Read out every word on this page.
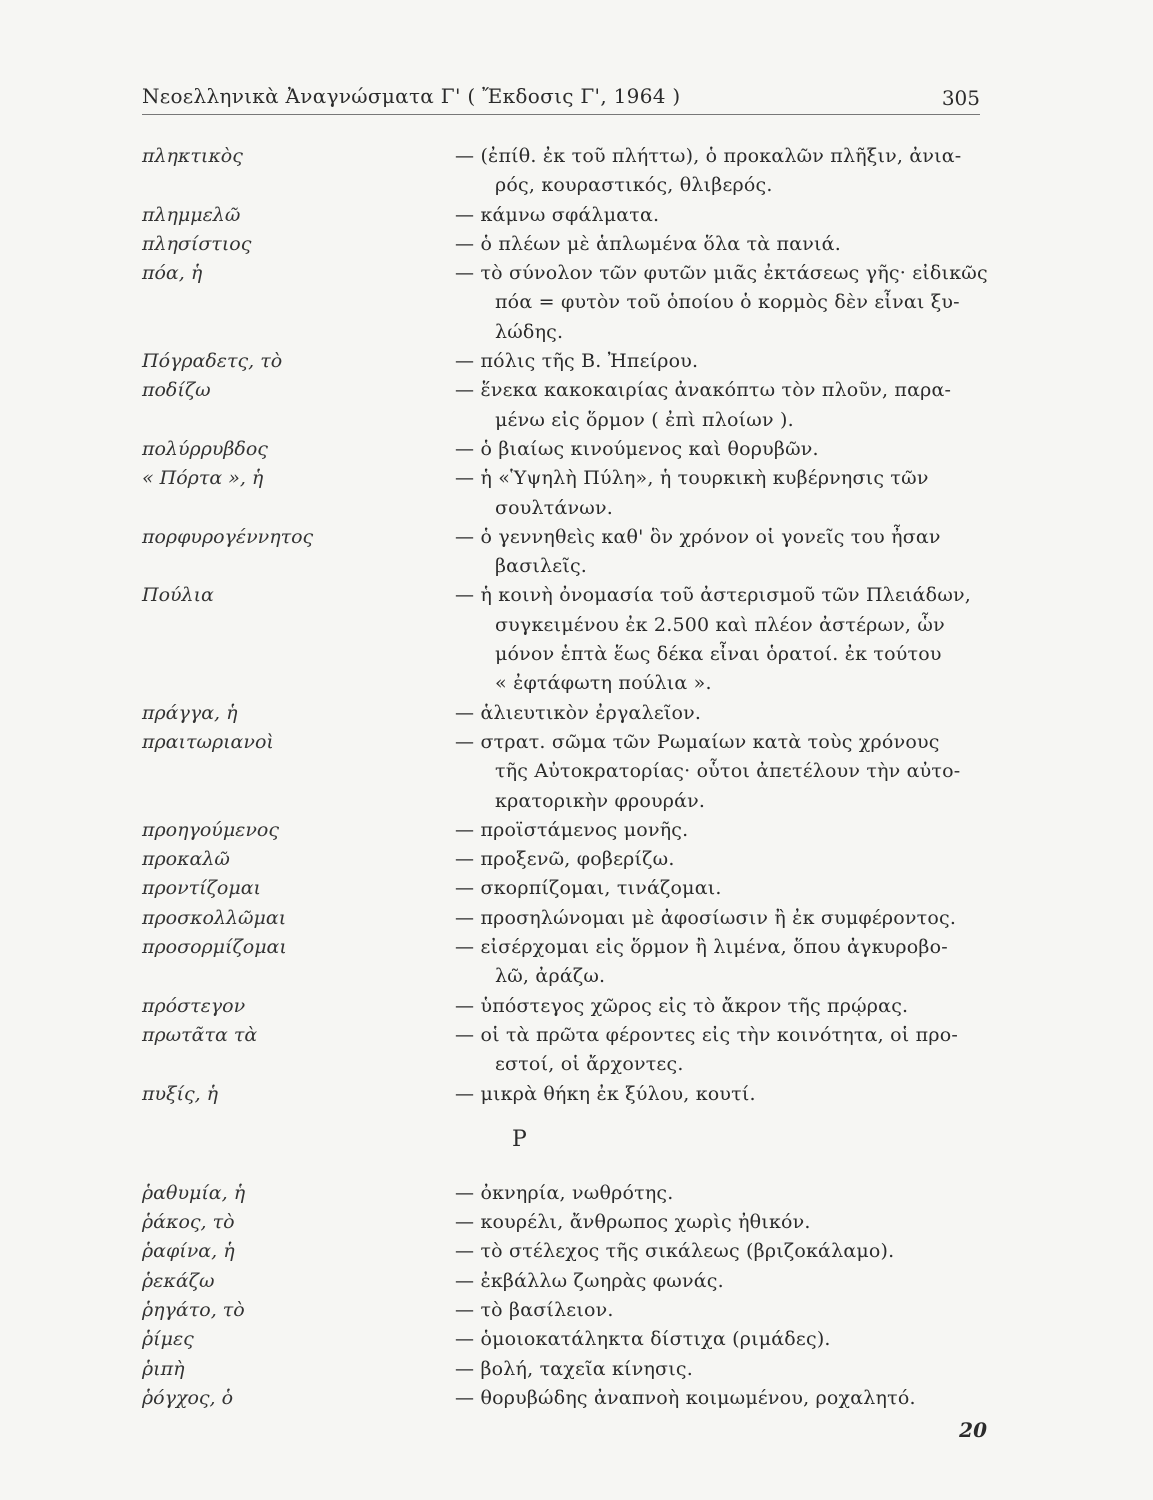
Νεοελληνικὰ Ἀναγνώσματα Γ' ( Ἔκδοσις Γ', 1964 )	305
πληκτικὸς	— (ἐπίθ. ἐκ τοῦ πλήττω), ὁ προκαλῶν πλῆξιν, ἀνια-
ρός, κουραστικός, θλιβερός.
πλημμελῶ	— κάμνω σφάλματα.
πλησίστιος	— ὁ πλέων μὲ ἁπλωμένα ὅλα τὰ πανιά.
πόα, ἡ	— τὸ σύνολον τῶν φυτῶν μιᾶς ἐκτάσεως γῆς· εἰδικῶς
πόα = φυτὸν τοῦ ὁποίου ὁ κορμὸς δὲν εἶναι ξυ-
λώδης.
Πόγραδετς, τὸ	— πόλις τῆς Β. Ἠπείρου.
ποδίζω	— ἕνεκα κακοκαιρίας ἀνακόπτω τὸν πλοῦν, παρα-
μένω εἰς ὅρμον ( ἐπὶ πλοίων ).
πολύρρυβδος	— ὁ βιαίως κινούμενος καὶ θορυβῶν.
« Πόρτα », ἡ	— ἡ «Ὑψηλὴ Πύλη», ἡ τουρκικὴ κυβέρνησις τῶν
σουλτάνων.
πορφυρογέννητος	— ὁ γεννηθεὶς καθ' ὃν χρόνον οἱ γονεῖς του ἦσαν
βασιλεῖς.
Πούλια	— ἡ κοινὴ ὀνομασία τοῦ ἀστερισμοῦ τῶν Πλειάδων,
συγκειμένου ἐκ 2.500 καὶ πλέον ἀστέρων, ὧν
μόνον ἑπτὰ ἕως δέκα εἶναι ὁρατοί. ἐκ τούτου
« ἐφτάφωτη πούλια ».
πράγγα, ἡ	— ἁλιευτικὸν ἐργαλεῖον.
πραιτωριανοὶ	— στρατ. σῶμα τῶν Ρωμαίων κατὰ τοὺς χρόνους
τῆς Αὐτοκρατορίας· οὗτοι ἀπετέλουν τὴν αὐτο-
κρατορικὴν φρουράν.
προηγούμενος	— προϊστάμενος μονῆς.
προκαλῶ	— προξενῶ, φοβερίζω.
προντίζομαι	— σκορπίζομαι, τινάζομαι.
προσκολλῶμαι	— προσηλώνομαι μὲ ἀφοσίωσιν ἢ ἐκ συμφέροντος.
προσορμίζομαι	— εἰσέρχομαι εἰς ὅρμον ἢ λιμένα, ὅπου ἀγκυροβο-
λῶ, ἀράζω.
πρόστεγον	— ὑπόστεγος χῶρος εἰς τὸ ἄκρον τῆς πρῴρας.
πρωτᾶτα τὰ	— οἱ τὰ πρῶτα φέροντες εἰς τὴν κοινότητα, οἱ προ-
εστοί, οἱ ἄρχοντες.
πυξίς, ἡ	— μικρὰ θήκη ἐκ ξύλου, κουτί.
Ρ
ῥαθυμία, ἡ	— ὀκνηρία, νωθρότης.
ῥάκος, τὸ	— κουρέλι, ἄνθρωπος χωρὶς ἠθικόν.
ῥαφίνα, ἡ	— τὸ στέλεχος τῆς σικάλεως (βριζοκάλαμο).
ῥεκάζω	— ἐκβάλλω ζωηρὰς φωνάς.
ῥηγάτο, τὸ	— τὸ βασίλειον.
ῥίμες	— ὁμοιοκατάληκτα δίστιχα (ριμάδες).
ῥιπὴ	— βολή, ταχεῖα κίνησις.
ῥόγχος, ὁ	— θορυβώδης ἀναπνοὴ κοιμωμένου, ροχαλητό.
20
